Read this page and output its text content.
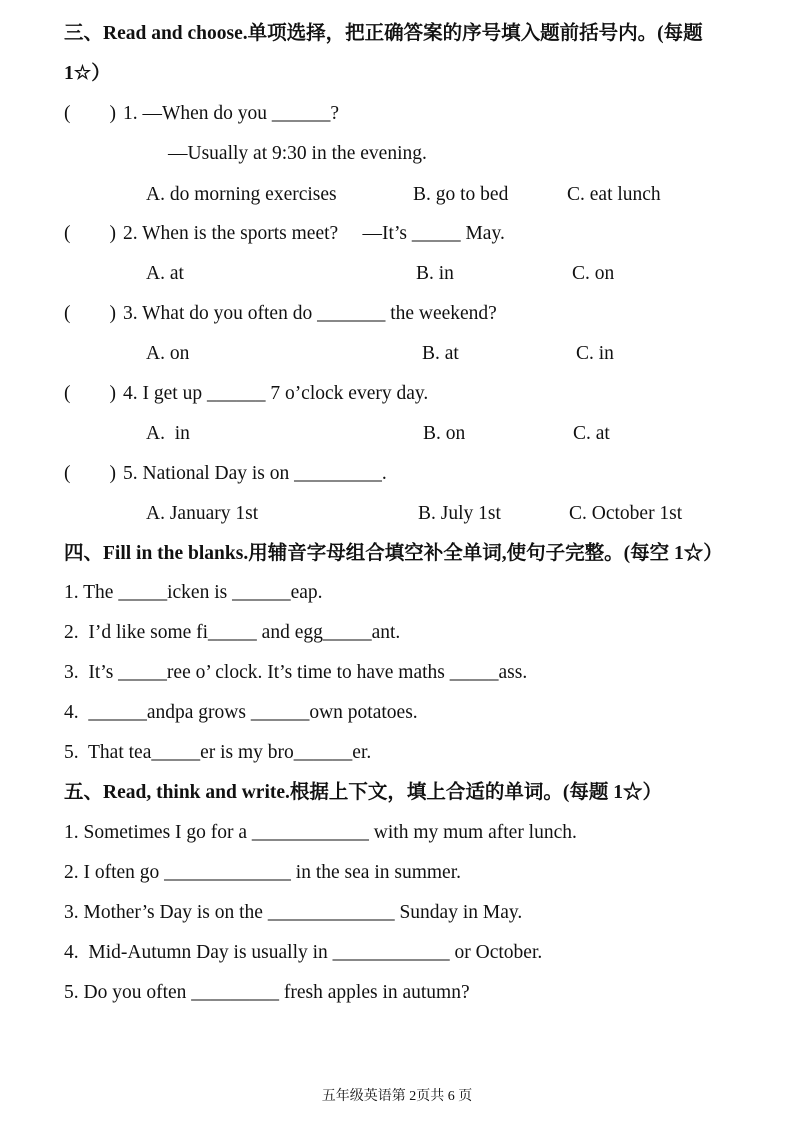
三、Read and choose.单项选择，把正确答案的序号填入题前括号内。(每题
1☆）
(        ) 1. —When do you ______?
—Usually at 9:30 in the evening.
A. do morning exercises	B. go to bed	C. eat lunch
(        ) 2. When is the sports meet?     —It’s _____ May.
A. at	B. in	C. on
(        ) 3. What do you often do _______ the weekend?
A. on	B. at	C. in
(        ) 4. I get up ______ 7 o’clock every day.
A.  in	B. on	C. at
(        ) 5. National Day is on _________.
A. January 1st	B. July 1st	C. October 1st
四、Fill in the blanks.用辅音字母组合填空补全单词,使句子完整。(每空 1☆）
1. The _____icken is ______eap.
2.  I’d like some fi_____ and egg_____ant.
3.  It’s _____ree o’ clock. It’s time to have maths _____ass.
4.  ______andpa grows ______own potatoes.
5.  That tea_____er is my bro______er.
五、Read, think and write.根据上下文，填上合适的单词。(每题 1☆）
1. Sometimes I go for a ____________ with my mum after lunch.
2. I often go _____________ in the sea in summer.
3. Mother’s Day is on the _____________ Sunday in May.
4.  Mid-Autumn Day is usually in ____________ or October.
5. Do you often _________ fresh apples in autumn?
五年级英语第 2页共 6 页
